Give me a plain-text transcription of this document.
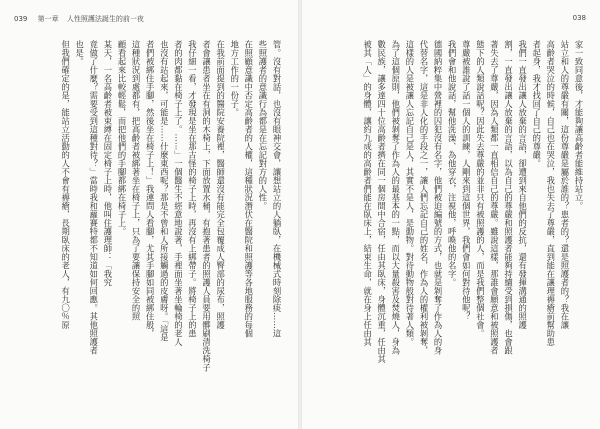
039 第一章 人性照護法誕生的前一夜
管。沒有對話，也沒有眼神交會，讓想站立的人躺臥，在機械式時刻除痰……這
些照護者的意識行為都是在忘記對方的人性。
在照顧意識中否定高齡者的人權，這種狀況潛伏在醫院和照護等各地服務的每個
地方工作的一份子。
在我前面提到的醫院安養院裡，醫師還沒有能完全包覆成人臀部的尿布，照護
者會讓患者坐在有洞的木椅上，下面放置水桶，有抱著患者的照護人員要用髒刷清洗椅子
我仔細一看，才發現是坐在那古怪的椅子上時，再沒有上綁帶子。將椅子上的患
者的肉都黏在椅子上了。……」一個醫生不經意地說著，手裡面坐著坐輪椅的老人
也沒有站起來，可能是……什麼東西呢？那是不曾和人所接觸過的皮膚呀。「這是
者們被綁住手腳，然後坐在椅子上！」我連問人看腳，尤其手腳如同被綁住般，
這種狀況到處都有，把高齡者被綁著坐在椅子上，只為了要讓保持安全的照
顧看起來比較輕鬆，而把他們的手腳都綁在椅子上。
某天，一名高齡者被束縛在固定椅子上時，他叫住護理師：「我究
竟做了什麼？需要受到這種對待？」當時我和蘿賽特都不知道如何回應。其他照護者
也是。
但我們確定的是，能站立活動的人不會有褥瘡，長期臥床的老人，有九〇％原
038
家一致同意後，才能夠讓高齡者能維持站立。
站立和人的尊嚴有關，這份尊嚴是屬於誰的？患者的？還是照護者的？我在讓
高齡者哭泣的時候，自己也在哭泣，我也失去了尊嚴，直到能在讓理褥瘡前幫助患
者起身，我才找回了自己的尊嚴。
我們一直發出讓人放棄的言語，卻遭到來自他們的反抗，還有發揮溝通的照護
割，一直發出讓人放棄的言語，以為自己的尊嚴和照護者能夠持續受到損傷，也會跟
著失去了尊嚴，因為人類都一直相信自己的尊嚴。雖說這樣，那誰會願意和被照護者
態下的人類說話呢？因此失去尊嚴的並非只有被照護的人，而是我們整個社會。
尊嚴被誰說了話一個人的訓練，人剛來到這個世界，我們會如何對待他呢？
我們會和他說話，幫他洗澡、為他穿衣，注視他，呼喚他的名字。
德國納粹集中營裡的囚犯沒有名字，他們被迫編號的方式，也就是剝奪了作為人的身
代替名字，這是非人化的手段之一，讓人們忘記自己的姓名，作為人的權利被剝奪，
這樣的人是被讓人忘記自己是人，其實不是人，是動物。對待動物般對待著人類。
為了這個原則，他們被剝奪了作為人的最基本的一點，而以大量殺害及焚燒人，身為
數民族，讓多達四十位高齡者擠在同一個房間中合宿，任由其臥床，身體沉重，任由其
被其「人」的身體，讓約九成的高齡者們能在臥床上，結束生命，就在身上任由其
